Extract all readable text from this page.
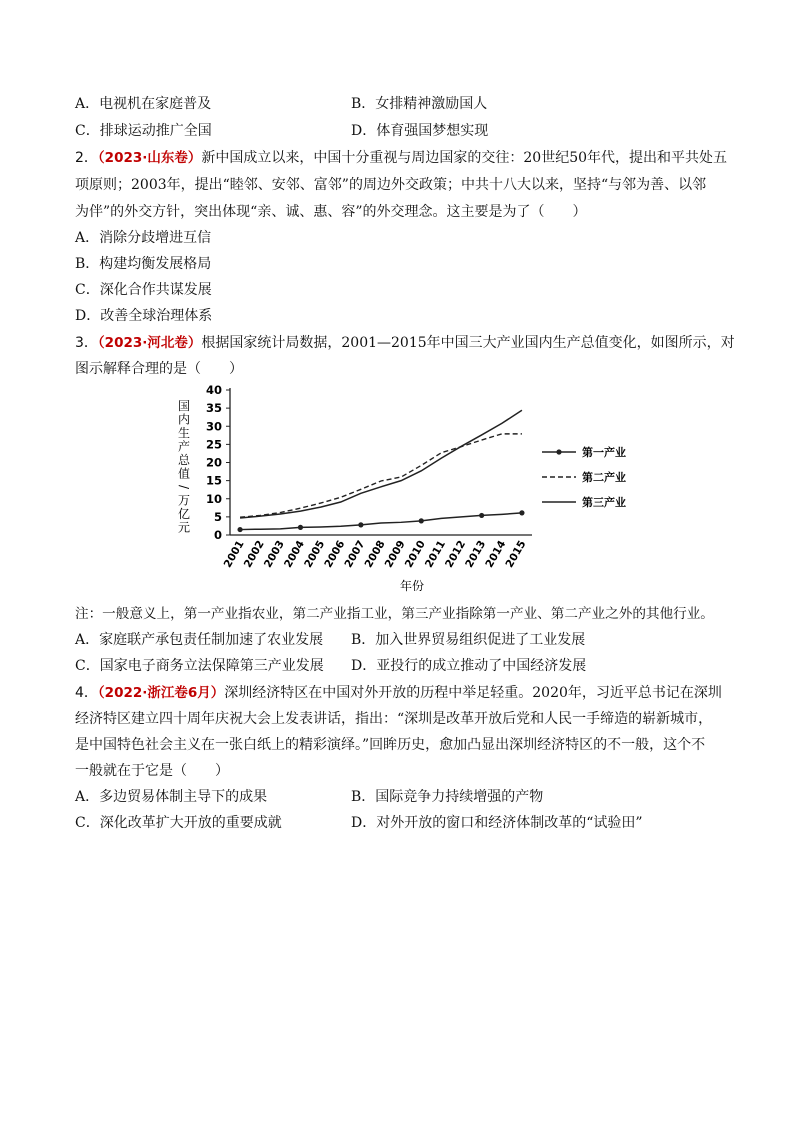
A．电视机在家庭普及	B．女排精神激励国人
C．排球运动推广全国	D．体育强国梦想实现
2．（2023·山东卷）新中国成立以来，中国十分重视与周边国家的交往：20世纪50年代，提出和平共处五
项原则；2003年，提出“睦邻、安邻、富邻”的周边外交政策；中共十八大以来，坚持“与邻为善、以邻
为伴”的外交方针，突出体现“亲、诚、惠、容”的外交理念。这主要是为了（　　）
A．消除分歧增进互信
B．构建均衡发展格局
C．深化合作共谋发展
D．改善全球治理体系
3．（2023·河北卷）根据国家统计局数据，2001—2015年中国三大产业国内生产总值变化，如图所示，对
图示解释合理的是（　　）
国
内
生
产
总
值
/
万
亿
元
0
5
10
15
20
25
30
35
40
2001
2002
2003
2004
2005
2006
2007
2008
2009
2010
2011
2012
2013
2014
2015
第一产业
第二产业
第三产业
年份
注：一般意义上，第一产业指农业，第二产业指工业，第三产业指除第一产业、第二产业之外的其他行业。
A．家庭联产承包责任制加速了农业发展 B．加入世界贸易组织促进了工业发展
C．国家电子商务立法保障第三产业发展 D．亚投行的成立推动了中国经济发展
4．（2022·浙江卷6月）深圳经济特区在中国对外开放的历程中举足轻重。2020年，习近平总书记在深圳
经济特区建立四十周年庆祝大会上发表讲话，指出：“深圳是改革开放后党和人民一手缔造的崭新城市，
是中国特色社会主义在一张白纸上的精彩演绎。”回眸历史，愈加凸显出深圳经济特区的不一般，这个不
一般就在于它是（　　）
A．多边贸易体制主导下的成果	B．国际竞争力持续增强的产物
C．深化改革扩大开放的重要成就	D．对外开放的窗口和经济体制改革的“试验田”
